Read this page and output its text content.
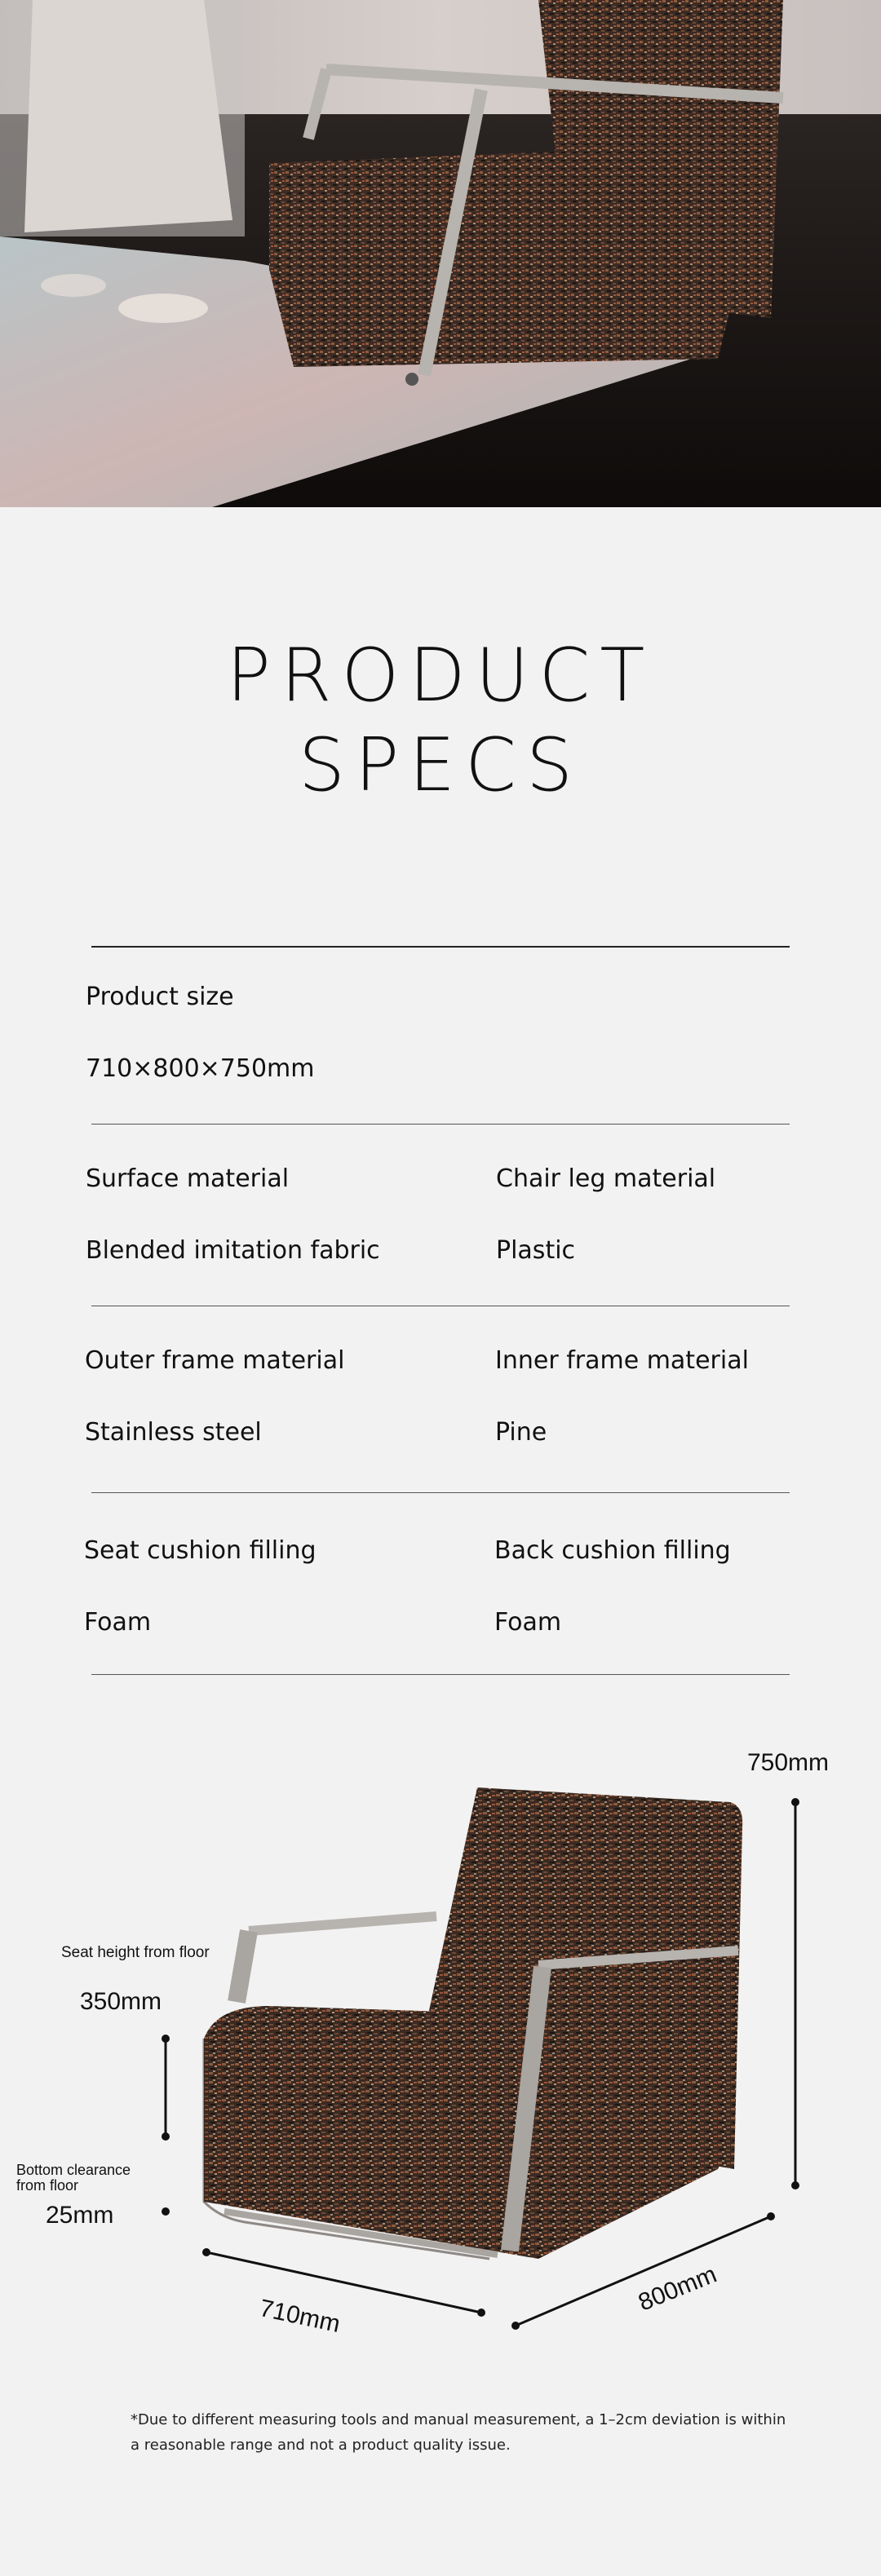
PRODUCT
SPECS
Product size
710×800×750mm
Surface material
Blended imitation fabric
Chair leg material
Plastic
Outer frame material
Stainless steel
Inner frame material
Pine
Seat cushion filling
Foam
Back cushion filling
Foam
750mm
Seat height from floor
350mm
Bottom clearance
from floor
25mm
710mm	800mm
*Due to different measuring tools and manual measurement, a 1–2cm deviation is within
a reasonable range and not a product quality issue.
